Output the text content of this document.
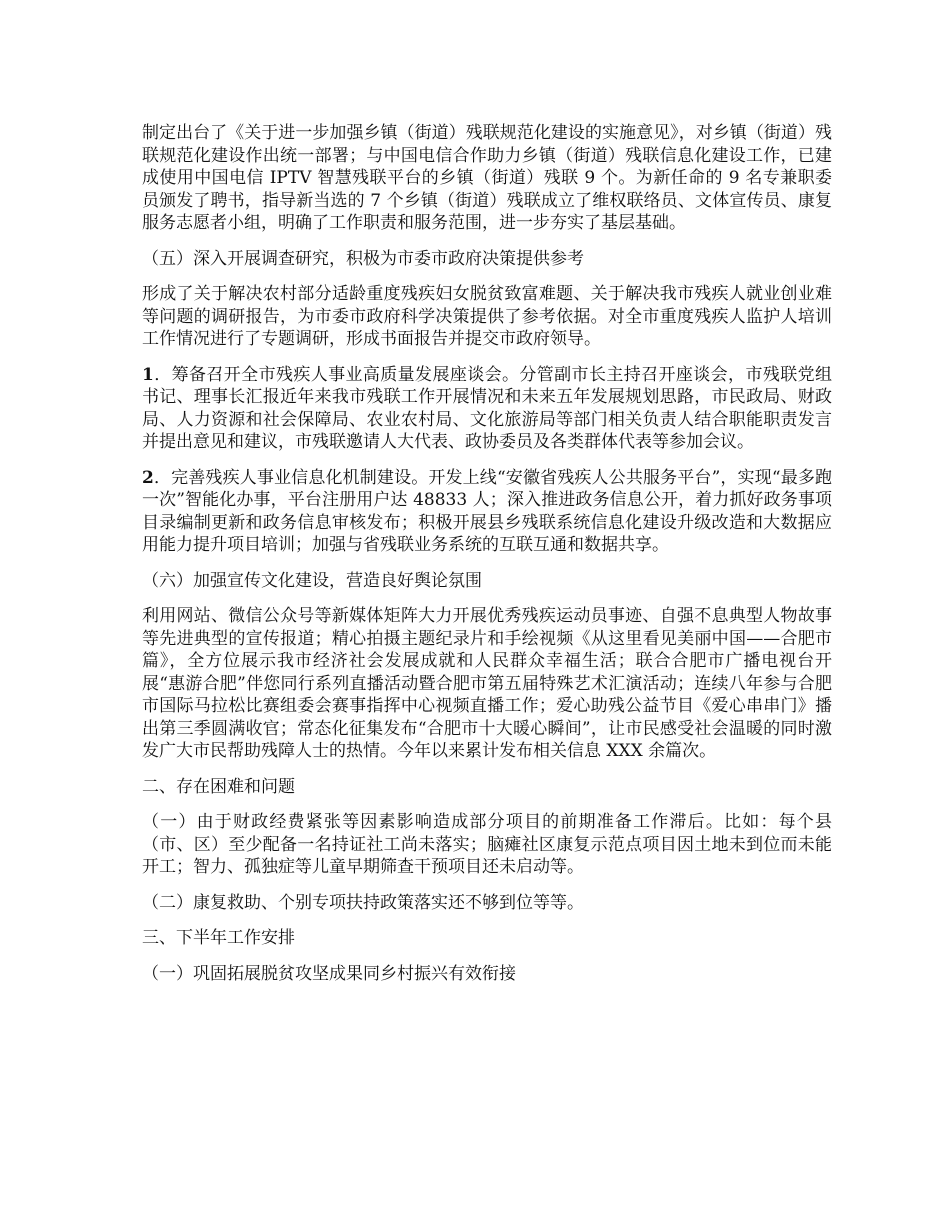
制定出台了《关于进一步加强乡镇（街道）残联规范化建设的实施意见》，对乡镇（街道）残联规范化建设作出统一部署；与中国电信合作助力乡镇（街道）残联信息化建设工作，已建成使用中国电信 IPTV 智慧残联平台的乡镇（街道）残联 9 个。为新任命的 9 名专兼职委员颁发了聘书，指导新当选的 7 个乡镇（街道）残联成立了维权联络员、文体宣传员、康复服务志愿者小组，明确了工作职责和服务范围，进一步夯实了基层基础。

（五）深入开展调查研究，积极为市委市政府决策提供参考

形成了关于解决农村部分适龄重度残疾妇女脱贫致富难题、关于解决我市残疾人就业创业难等问题的调研报告，为市委市政府科学决策提供了参考依据。对全市重度残疾人监护人培训工作情况进行了专题调研，形成书面报告并提交市政府领导。

1．筹备召开全市残疾人事业高质量发展座谈会。分管副市长主持召开座谈会，市残联党组书记、理事长汇报近年来我市残联工作开展情况和未来五年发展规划思路，市民政局、财政局、人力资源和社会保障局、农业农村局、文化旅游局等部门相关负责人结合职能职责发言并提出意见和建议，市残联邀请人大代表、政协委员及各类群体代表等参加会议。

2．完善残疾人事业信息化机制建设。开发上线“安徽省残疾人公共服务平台”，实现“最多跑一次”智能化办事，平台注册用户达 48833 人；深入推进政务信息公开，着力抓好政务事项目录编制更新和政务信息审核发布；积极开展县乡残联系统信息化建设升级改造和大数据应用能力提升项目培训；加强与省残联业务系统的互联互通和数据共享。

（六）加强宣传文化建设，营造良好舆论氛围

利用网站、微信公众号等新媒体矩阵大力开展优秀残疾运动员事迹、自强不息典型人物故事等先进典型的宣传报道；精心拍摄主题纪录片和手绘视频《从这里看见美丽中国——合肥市篇》，全方位展示我市经济社会发展成就和人民群众幸福生活；联合合肥市广播电视台开展“惠游合肥”伴您同行系列直播活动暨合肥市第五届特殊艺术汇演活动；连续八年参与合肥市国际马拉松比赛组委会赛事指挥中心视频直播工作；爱心助残公益节目《爱心串串门》播出第三季圆满收官；常态化征集发布“合肥市十大暖心瞬间”，让市民感受社会温暖的同时激发广大市民帮助残障人士的热情。今年以来累计发布相关信息 XXX 余篇次。

二、存在困难和问题

（一）由于财政经费紧张等因素影响造成部分项目的前期准备工作滞后。比如：每个县（市、区）至少配备一名持证社工尚未落实；脑瘫社区康复示范点项目因土地未到位而未能开工；智力、孤独症等儿童早期筛查干预项目还未启动等。

（二）康复救助、个别专项扶持政策落实还不够到位等等。

三、下半年工作安排

（一）巩固拓展脱贫攻坚成果同乡村振兴有效衔接
